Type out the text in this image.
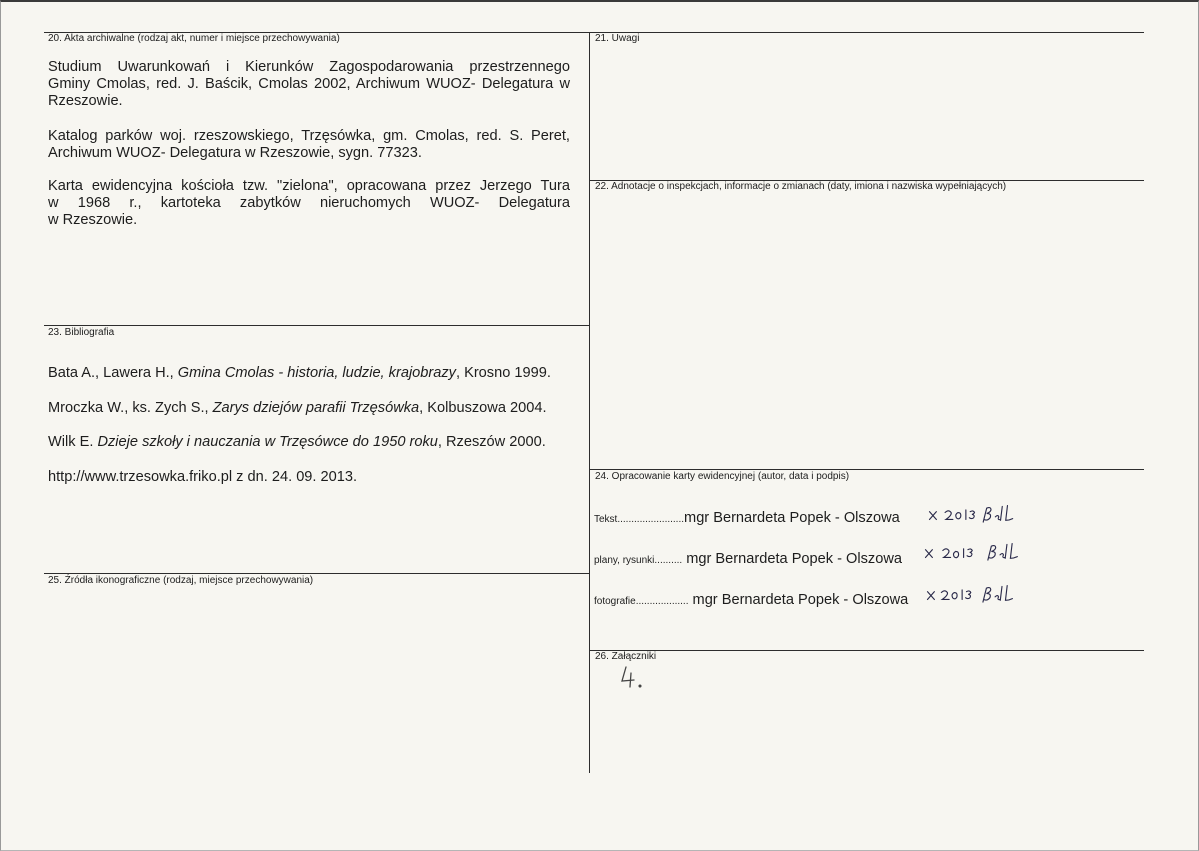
20. Akta archiwalne (rodzaj akt, numer i miejsce przechowywania)
Studium Uwarunkowań i Kierunków Zagospodarowania przestrzennego
Gminy Cmolas, red. J. Baścik, Cmolas 2002, Archiwum WUOZ- Delegatura w
Rzeszowie.
Katalog parków woj. rzeszowskiego, Trzęsówka, gm. Cmolas, red. S. Peret,
Archiwum WUOZ- Delegatura w Rzeszowie, sygn. 77323.
Karta ewidencyjna kościoła tzw. "zielona", opracowana przez Jerzego Tura
w 1968 r., kartoteka zabytków nieruchomych WUOZ- Delegatura
w Rzeszowie.
21. Uwagi
22. Adnotacje o inspekcjach, informacje o zmianach (daty, imiona i nazwiska wypełniających)
23. Bibliografia
Bata A., Lawera H., Gmina Cmolas - historia, ludzie, krajobrazy, Krosno 1999.
Mroczka W., ks. Zych S., Zarys dziejów parafii Trzęsówka, Kolbuszowa 2004.
Wilk E. Dzieje szkoły i nauczania w Trzęsówce do 1950 roku, Rzeszów 2000.
http://www.trzesowka.friko.pl z dn. 24. 09. 2013.	24. Opracowanie karty ewidencyjnej (autor, data i podpis)
Tekst........................mgr Bernardeta Popek - Olszowa
plany, rysunki.......... mgr Bernardeta Popek - Olszowa
fotografie................... mgr Bernardeta Popek - Olszowa
25. Źródła ikonograficzne (rodzaj, miejsce przechowywania)
26. Załączniki
